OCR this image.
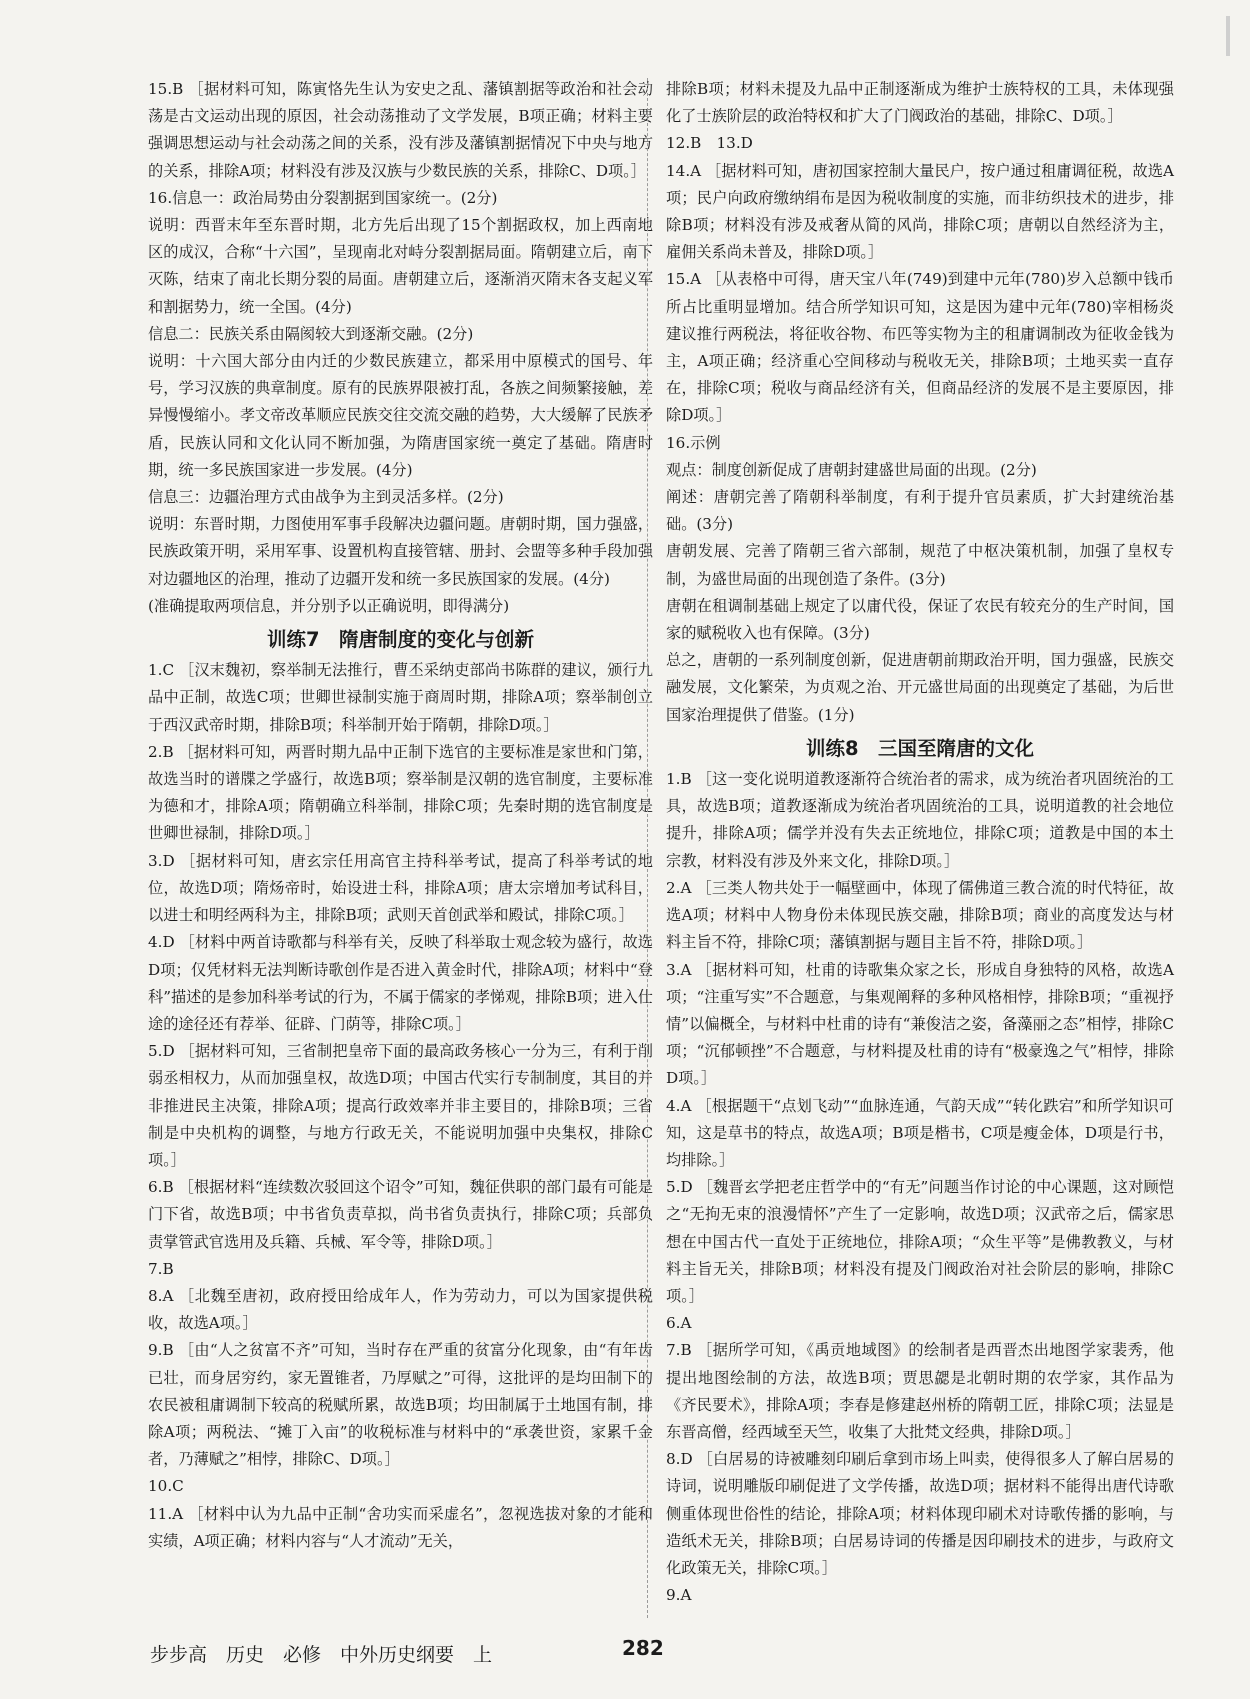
15.B ［据材料可知，陈寅恪先生认为安史之乱、藩镇割据等政治和社会动荡是古文运动出现的原因，社会动荡推动了文学发展，B项正确；材料主要强调思想运动与社会动荡之间的关系，没有涉及藩镇割据情况下中央与地方的关系，排除A项；材料没有涉及汉族与少数民族的关系，排除C、D项。］

16.信息一：政治局势由分裂割据到国家统一。(2分)

说明：西晋末年至东晋时期，北方先后出现了15个割据政权，加上西南地区的成汉，合称“十六国”，呈现南北对峙分裂割据局面。隋朝建立后，南下灭陈，结束了南北长期分裂的局面。唐朝建立后，逐渐消灭隋末各支起义军和割据势力，统一全国。(4分)

信息二：民族关系由隔阂较大到逐渐交融。(2分)

说明：十六国大部分由内迁的少数民族建立，都采用中原模式的国号、年号，学习汉族的典章制度。原有的民族界限被打乱，各族之间频繁接触，差异慢慢缩小。孝文帝改革顺应民族交往交流交融的趋势，大大缓解了民族矛盾，民族认同和文化认同不断加强，为隋唐国家统一奠定了基础。隋唐时期，统一多民族国家进一步发展。(4分)

信息三：边疆治理方式由战争为主到灵活多样。(2分)

说明：东晋时期，力图使用军事手段解决边疆问题。唐朝时期，国力强盛，民族政策开明，采用军事、设置机构直接管辖、册封、会盟等多种手段加强对边疆地区的治理，推动了边疆开发和统一多民族国家的发展。(4分)

(准确提取两项信息，并分别予以正确说明，即得满分)

训练7　隋唐制度的变化与创新

1.C ［汉末魏初，察举制无法推行，曹丕采纳吏部尚书陈群的建议，颁行九品中正制，故选C项；世卿世禄制实施于商周时期，排除A项；察举制创立于西汉武帝时期，排除B项；科举制开始于隋朝，排除D项。］

2.B ［据材料可知，两晋时期九品中正制下选官的主要标准是家世和门第，故选当时的谱牒之学盛行，故选B项；察举制是汉朝的选官制度，主要标准为德和才，排除A项；隋朝确立科举制，排除C项；先秦时期的选官制度是世卿世禄制，排除D项。］

3.D ［据材料可知，唐玄宗任用高官主持科举考试，提高了科举考试的地位，故选D项；隋炀帝时，始设进士科，排除A项；唐太宗增加考试科目，以进士和明经两科为主，排除B项；武则天首创武举和殿试，排除C项。］

4.D ［材料中两首诗歌都与科举有关，反映了科举取士观念较为盛行，故选D项；仅凭材料无法判断诗歌创作是否进入黄金时代，排除A项；材料中“登科”描述的是参加科举考试的行为，不属于儒家的孝悌观，排除B项；进入仕途的途径还有荐举、征辟、门荫等，排除C项。］

5.D ［据材料可知，三省制把皇帝下面的最高政务核心一分为三，有利于削弱丞相权力，从而加强皇权，故选D项；中国古代实行专制制度，其目的并非推进民主决策，排除A项；提高行政效率并非主要目的，排除B项；三省制是中央机构的调整，与地方行政无关，不能说明加强中央集权，排除C项。］

6.B ［根据材料“连续数次驳回这个诏令”可知，魏征供职的部门最有可能是门下省，故选B项；中书省负责草拟，尚书省负责执行，排除C项；兵部负责掌管武官选用及兵籍、兵械、军令等，排除D项。］

7.B

8.A ［北魏至唐初，政府授田给成年人，作为劳动力，可以为国家提供税收，故选A项。］

9.B ［由“人之贫富不齐”可知，当时存在严重的贫富分化现象，由“有年齿已壮，而身居穷约，家无置锥者，乃厚赋之”可得，这批评的是均田制下的农民被租庸调制下较高的税赋所累，故选B项；均田制属于土地国有制，排除A项；两税法、“摊丁入亩”的收税标准与材料中的“承袭世资，家累千金者，乃薄赋之”相悖，排除C、D项。］

10.C

11.A ［材料中认为九品中正制“舍功实而采虚名”，忽视选拔对象的才能和实绩，A项正确；材料内容与“人才流动”无关，

排除B项；材料未提及九品中正制逐渐成为维护士族特权的工具，未体现强化了士族阶层的政治特权和扩大了门阀政治的基础，排除C、D项。］

12.B　13.D

14.A ［据材料可知，唐初国家控制大量民户，按户通过租庸调征税，故选A项；民户向政府缴纳绢布是因为税收制度的实施，而非纺织技术的进步，排除B项；材料没有涉及戒奢从简的风尚，排除C项；唐朝以自然经济为主，雇佣关系尚未普及，排除D项。］

15.A ［从表格中可得，唐天宝八年(749)到建中元年(780)岁入总额中钱币所占比重明显增加。结合所学知识可知，这是因为建中元年(780)宰相杨炎建议推行两税法，将征收谷物、布匹等实物为主的租庸调制改为征收金钱为主，A项正确；经济重心空间移动与税收无关，排除B项；土地买卖一直存在，排除C项；税收与商品经济有关，但商品经济的发展不是主要原因，排除D项。］

16.示例

观点：制度创新促成了唐朝封建盛世局面的出现。(2分)

阐述：唐朝完善了隋朝科举制度，有利于提升官员素质，扩大封建统治基础。(3分)

唐朝发展、完善了隋朝三省六部制，规范了中枢决策机制，加强了皇权专制，为盛世局面的出现创造了条件。(3分)

唐朝在租调制基础上规定了以庸代役，保证了农民有较充分的生产时间，国家的赋税收入也有保障。(3分)

总之，唐朝的一系列制度创新，促进唐朝前期政治开明，国力强盛，民族交融发展，文化繁荣，为贞观之治、开元盛世局面的出现奠定了基础，为后世国家治理提供了借鉴。(1分)

训练8　三国至隋唐的文化

1.B ［这一变化说明道教逐渐符合统治者的需求，成为统治者巩固统治的工具，故选B项；道教逐渐成为统治者巩固统治的工具，说明道教的社会地位提升，排除A项；儒学并没有失去正统地位，排除C项；道教是中国的本土宗教，材料没有涉及外来文化，排除D项。］

2.A ［三类人物共处于一幅壁画中，体现了儒佛道三教合流的时代特征，故选A项；材料中人物身份未体现民族交融，排除B项；商业的高度发达与材料主旨不符，排除C项；藩镇割据与题目主旨不符，排除D项。］

3.A ［据材料可知，杜甫的诗歌集众家之长，形成自身独特的风格，故选A项；“注重写实”不合题意，与集观阐释的多种风格相悖，排除B项；“重视抒情”以偏概全，与材料中杜甫的诗有“兼俊洁之姿，备藻丽之态”相悖，排除C项；“沉郁顿挫”不合题意，与材料提及杜甫的诗有“极豪逸之气”相悖，排除D项。］

4.A ［根据题干“点划飞动”“血脉连通，气韵天成”“转化跌宕”和所学知识可知，这是草书的特点，故选A项；B项是楷书，C项是瘦金体，D项是行书，均排除。］

5.D ［魏晋玄学把老庄哲学中的“有无”问题当作讨论的中心课题，这对顾恺之“无拘无束的浪漫情怀”产生了一定影响，故选D项；汉武帝之后，儒家思想在中国古代一直处于正统地位，排除A项；“众生平等”是佛教教义，与材料主旨无关，排除B项；材料没有提及门阀政治对社会阶层的影响，排除C项。］

6.A

7.B ［据所学可知，《禹贡地域图》的绘制者是西晋杰出地图学家裴秀，他提出地图绘制的方法，故选B项；贾思勰是北朝时期的农学家，其作品为《齐民要术》，排除A项；李春是修建赵州桥的隋朝工匠，排除C项；法显是东晋高僧，经西域至天竺，收集了大批梵文经典，排除D项。］

8.D ［白居易的诗被雕刻印刷后拿到市场上叫卖，使得很多人了解白居易的诗词，说明雕版印刷促进了文学传播，故选D项；据材料不能得出唐代诗歌侧重体现世俗性的结论，排除A项；材料体现印刷术对诗歌传播的影响，与造纸术无关，排除B项；白居易诗词的传播是因印刷技术的进步，与政府文化政策无关，排除C项。］

9.A

步步高　历史　必修　中外历史纲要　上	282
